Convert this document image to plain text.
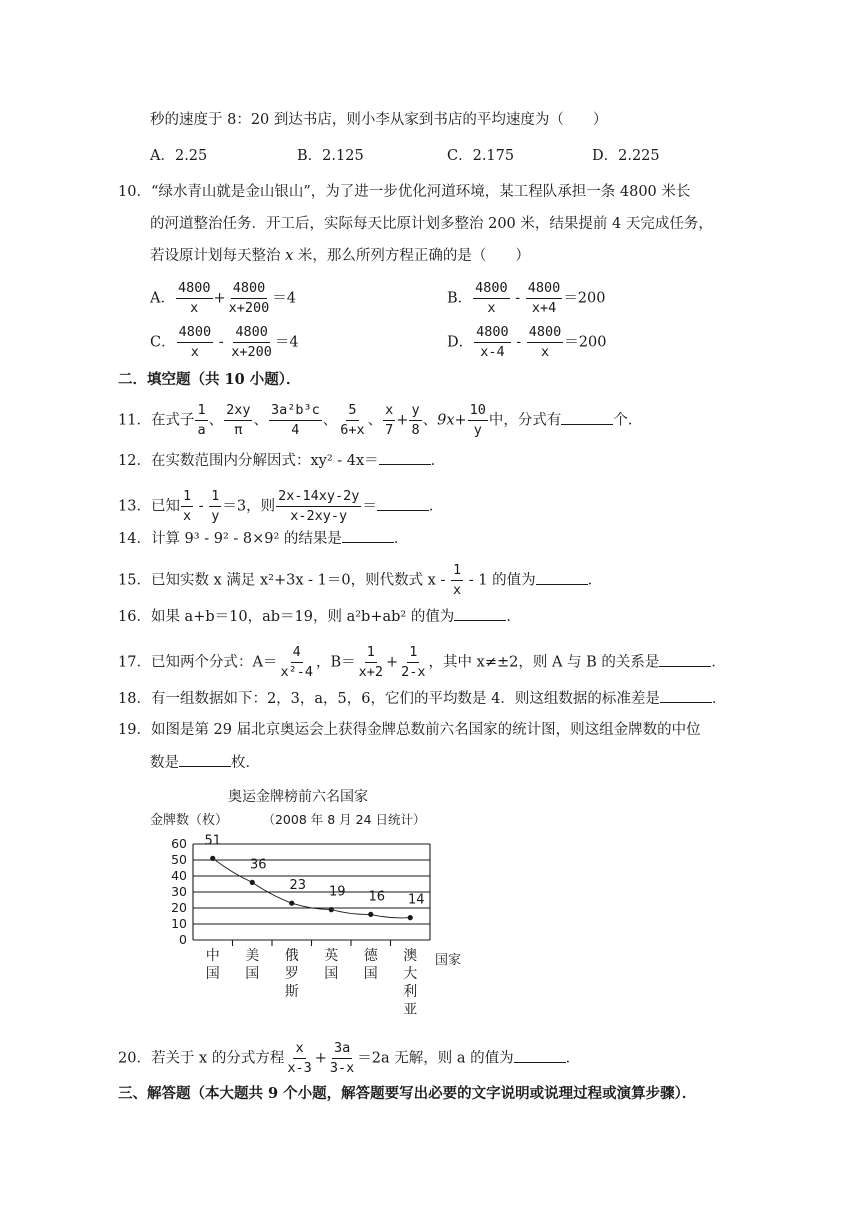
秒的速度于 8：20 到达书店，则小李从家到书店的平均速度为（　　）
A．2.25	B．2.125	C．2.175	D．2.225
10．“绿水青山就是金山银山”，为了进一步优化河道环境，某工程队承担一条 4800 米长
的河道整治任务．开工后，实际每天比原计划多整治 200 米，结果提前 4 天完成任务，
若设原计划每天整治 x 米，那么所列方程正确的是（　　）
A． $\frac{4800}{x} + \frac{4800}{x+200} =4$	B． $\frac{4800}{x} - \frac{4800}{x+4} =200$
C． $\frac{4800}{x} - \frac{4800}{x+200} =4$	D． $\frac{4800}{x-4} - \frac{4800}{x} =200$
二．填空题（共 10 小题）．
11．在式子 $\frac{1}{a}$ 、 $\frac{2xy}{\pi}$ 、 $\frac{\text{3a²b³c}}{4}$ 、 $\frac{5}{6+x}$ 、 $\frac{x}{7} + \frac{y}{8}$ 、$9x+ \frac{10}{y}$ 中，分式有	个．
12．在实数范围内分解因式：xy² - 4x＝	．
13．已知 $\frac{1}{x} - \frac{1}{y} =3$，则 $\frac{2x-14xy-2y}{x-2xy-y}$ ＝	．
14．计算 9³ - 9² - 8×9² 的结果是	．
15．已知实数 x 满足 x²+3x - 1＝0，则代数式 x - $\frac{1}{x} - 1$ 的值为	．
16．如果 a+b＝10，ab＝19，则 a²b+ab² 的值为	．
17．已知两个分式：$A= \frac{4}{\text{x²-4}}$ ，$B= \frac{1}{x+2} + \frac{1}{2-x}$ ，其中 x≠±2，则 A 与 B 的关系是	．
18．有一组数据如下：2，3，a，5，6，它们的平均数是 4．则这组数据的标准差是	．
19．如图是第 29 届北京奥运会上获得金牌总数前六名国家的统计图，则这组金牌数的中位
数是	枚．
奥运金牌榜前六名国家
金牌数（枚）	（2008 年 8 月 24 日统计）
0
10
20
30
40
50
60
中国
美国
俄罗斯
英国
德国
澳大利亚
51
36
23 19 16 14
国家
20．若关于 x 的分式方程 $\frac{x}{x-3} + \frac{3a}{3-x} =2a$ 无解，则 a 的值为	．
三、解答题（本大题共 9 个小题，解答题要写出必要的文字说明或说理过程或演算步骤）．
